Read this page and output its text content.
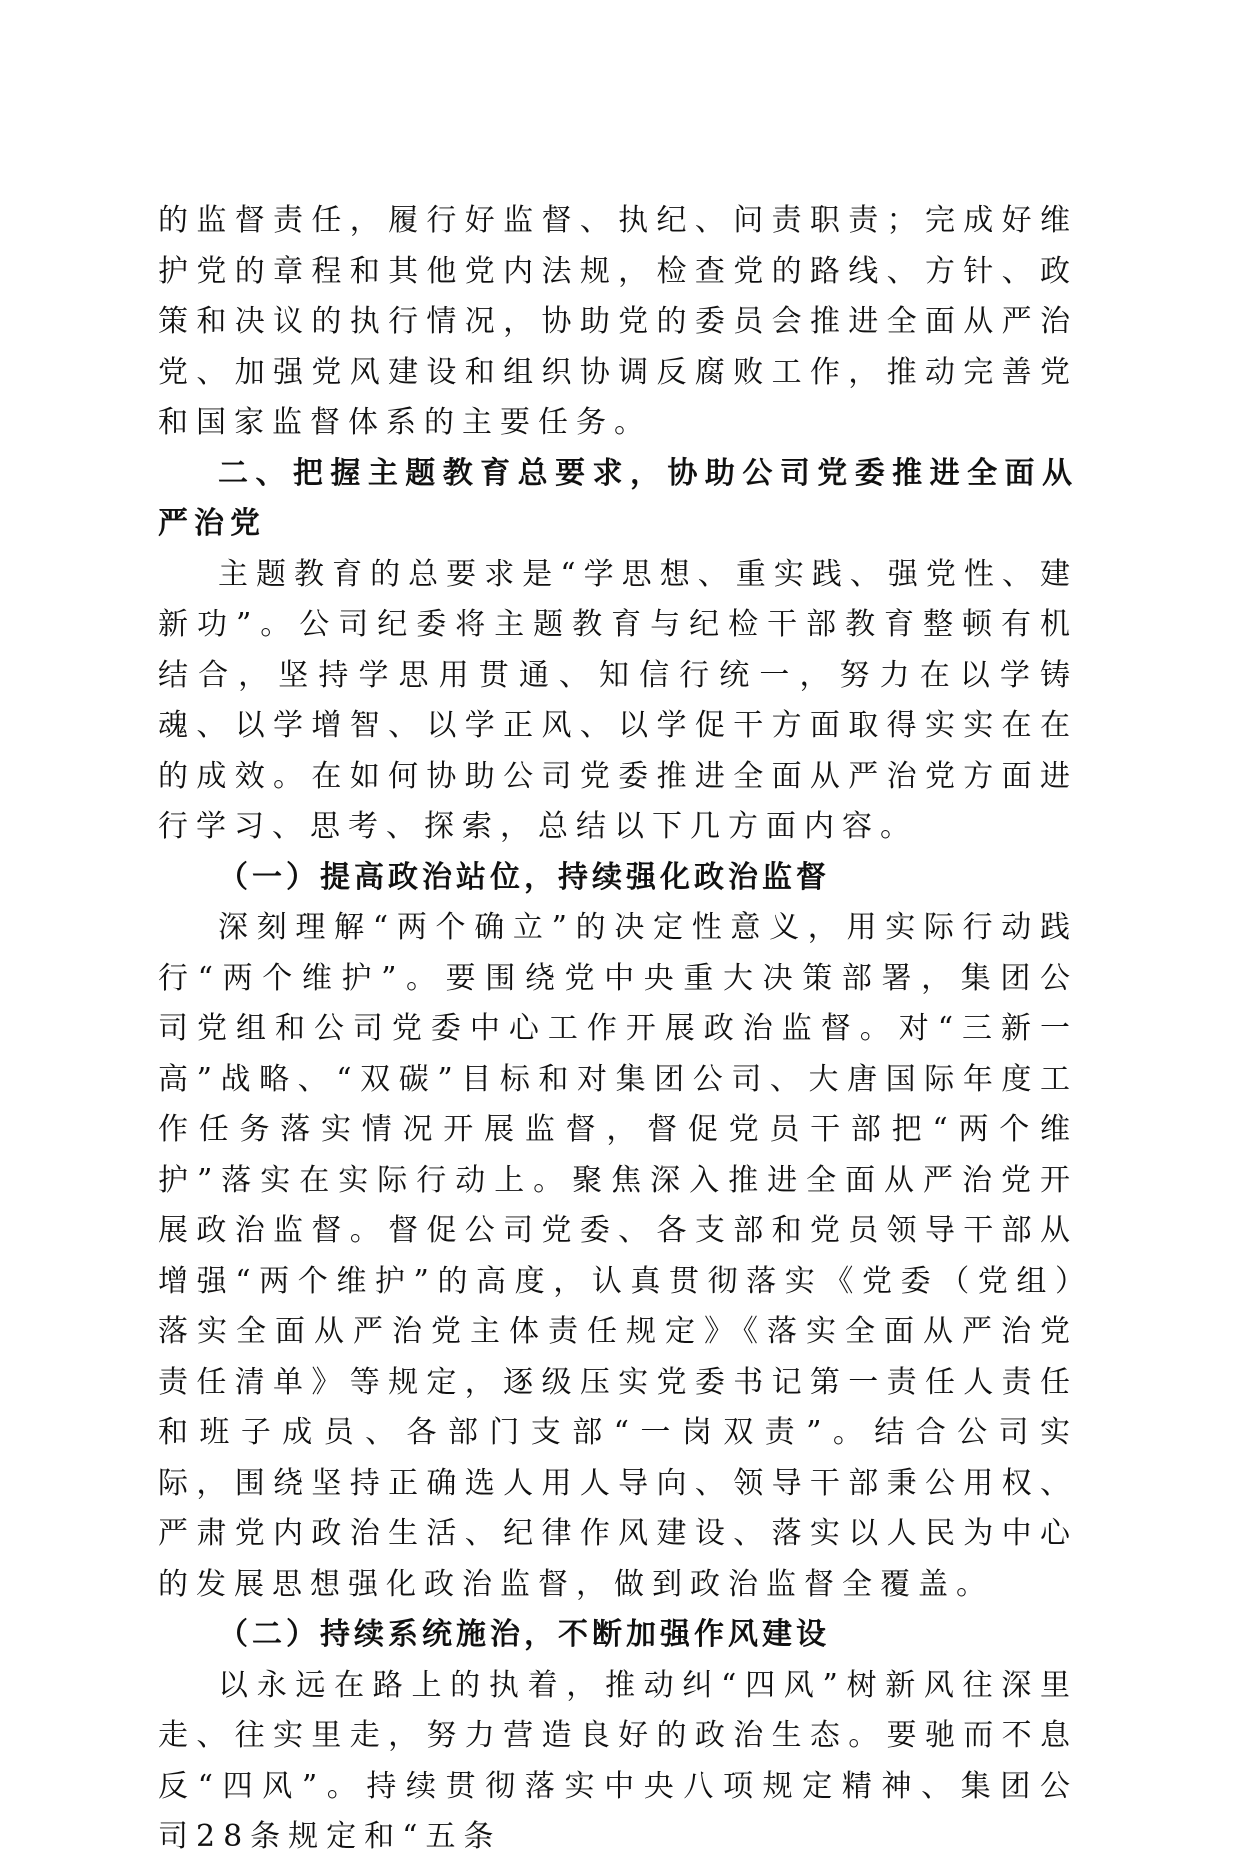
的监督责任，履行好监督、执纪、问责职责；完成好维护党的章程和其他党内法规，检查党的路线、方针、政策和决议的执行情况，协助党的委员会推进全面从严治党、加强党风建设和组织协调反腐败工作，推动完善党和国家监督体系的主要任务。

二、把握主题教育总要求，协助公司党委推进全面从严治党

主题教育的总要求是“学思想、重实践、强党性、建新功”。公司纪委将主题教育与纪检干部教育整顿有机结合，坚持学思用贯通、知信行统一，努力在以学铸魂、以学增智、以学正风、以学促干方面取得实实在在的成效。在如何协助公司党委推进全面从严治党方面进行学习、思考、探索，总结以下几方面内容。

（一）提高政治站位，持续强化政治监督

深刻理解“两个确立”的决定性意义，用实际行动践行“两个维护”。要围绕党中央重大决策部署，集团公司党组和公司党委中心工作开展政治监督。对“三新一高”战略、“双碳”目标和对集团公司、大唐国际年度工作任务落实情况开展监督，督促党员干部把“两个维护”落实在实际行动上。聚焦深入推进全面从严治党开展政治监督。督促公司党委、各支部和党员领导干部从增强“两个维护”的高度，认真贯彻落实《党委（党组）落实全面从严治党主体责任规定》《落实全面从严治党责任清单》等规定，逐级压实党委书记第一责任人责任和班子成员、各部门支部“一岗双责”。结合公司实际，围绕坚持正确选人用人导向、领导干部秉公用权、严肃党内政治生活、纪律作风建设、落实以人民为中心的发展思想强化政治监督，做到政治监督全覆盖。

（二）持续系统施治，不断加强作风建设

以永远在路上的执着，推动纠“四风”树新风往深里走、往实里走，努力营造良好的政治生态。要驰而不息反“四风”。持续贯彻落实中央八项规定精神、集团公司28条规定和“五条
